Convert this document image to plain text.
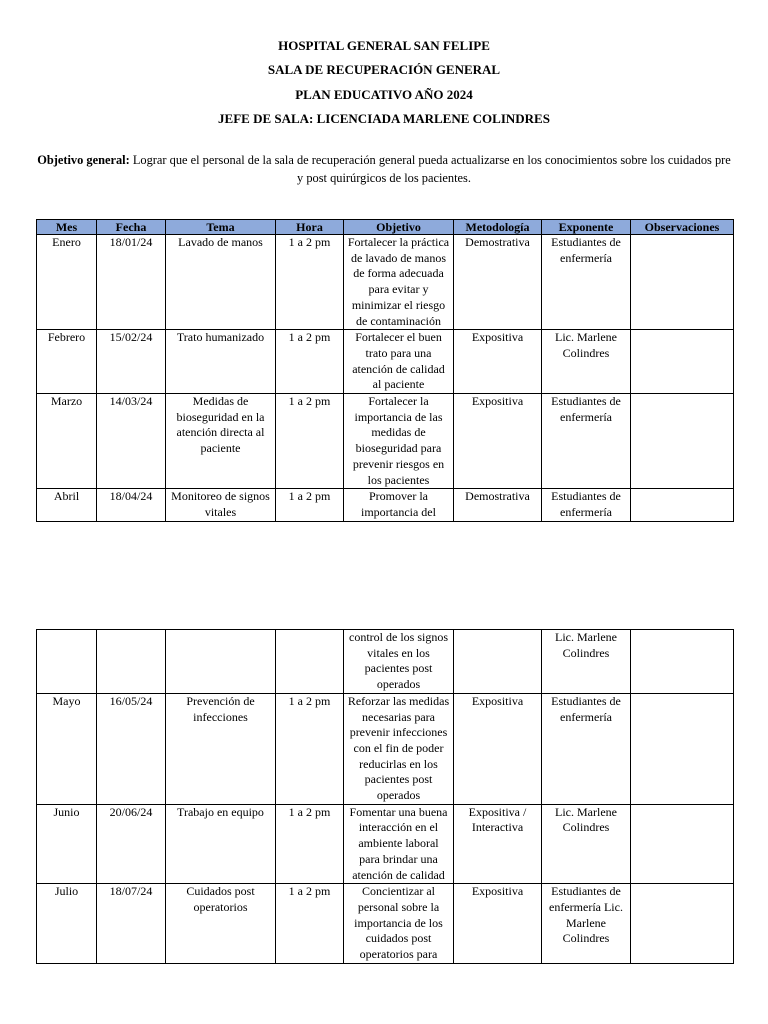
HOSPITAL GENERAL SAN FELIPE
SALA DE RECUPERACIÓN GENERAL
PLAN EDUCATIVO AÑO 2024
JEFE DE SALA: LICENCIADA MARLENE COLINDRES
Objetivo general: Lograr que el personal de la sala de recuperación general pueda actualizarse en los conocimientos sobre los cuidados pre y post quirúrgicos de los pacientes.
Mes	Fecha	Tema	Hora	Objetivo	Metodología	Exponente	Observaciones
Enero	18/01/24	Lavado de manos	1 a 2 pm	Fortalecer la práctica de lavado de manos de forma adecuada para evitar y minimizar el riesgo de contaminación	Demostrativa	Estudiantes de enfermería	
Febrero	15/02/24	Trato humanizado	1 a 2 pm	Fortalecer el buen trato para una atención de calidad al paciente	Expositiva	Lic. Marlene Colindres	
Marzo	14/03/24	Medidas de bioseguridad en la atención directa al paciente	1 a 2 pm	Fortalecer la importancia de las medidas de bioseguridad para prevenir riesgos en los pacientes	Expositiva	Estudiantes de enfermería	
Abril	18/04/24	Monitoreo de signos vitales	1 a 2 pm	Promover la importancia del	Demostrativa	Estudiantes de enfermería	
				control de los signos vitales en los pacientes post operados		Lic. Marlene Colindres	
Mayo	16/05/24	Prevención de infecciones	1 a 2 pm	Reforzar las medidas necesarias para prevenir infecciones con el fin de poder reducirlas en los pacientes post operados	Expositiva	Estudiantes de enfermería	
Junio	20/06/24	Trabajo en equipo	1 a 2 pm	Fomentar una buena interacción en el ambiente laboral para brindar una atención de calidad	Expositiva / Interactiva	Lic. Marlene Colindres	
Julio	18/07/24	Cuidados post operatorios	1 a 2 pm	Concientizar al personal sobre la importancia de los cuidados post operatorios para	Expositiva	Estudiantes de enfermería Lic. Marlene Colindres	
